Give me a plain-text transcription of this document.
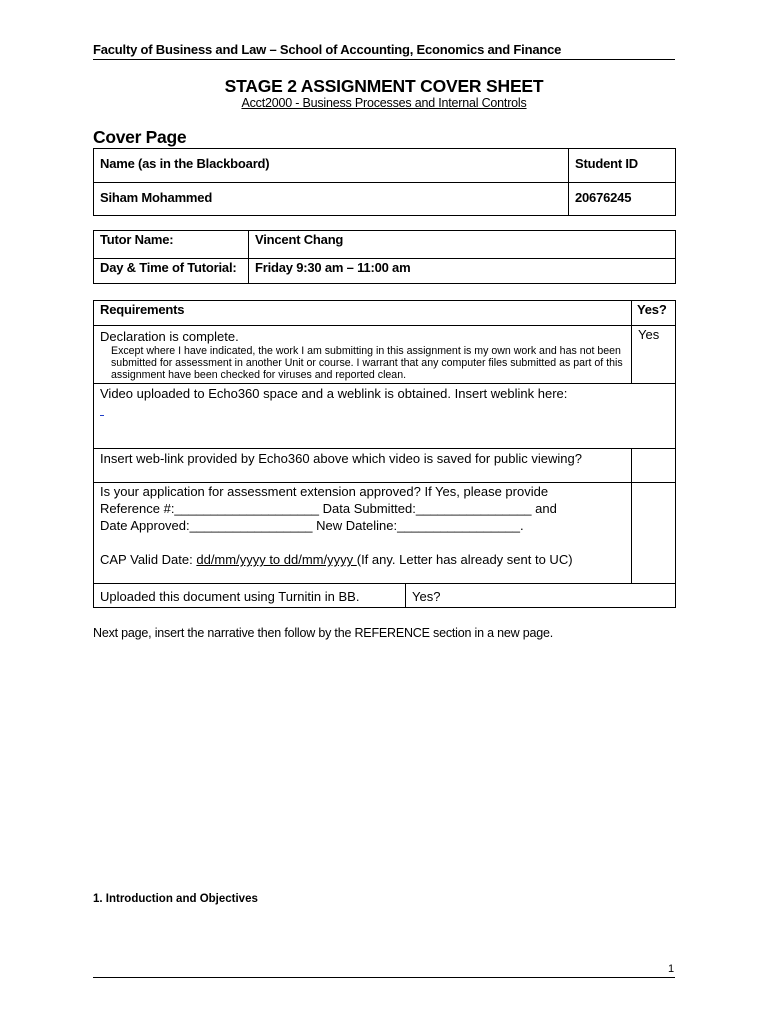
Faculty of Business and Law – School of Accounting, Economics and Finance
STAGE 2 ASSIGNMENT COVER SHEET
Acct2000 - Business Processes and Internal Controls
Cover Page
Name (as in the Blackboard)	Student ID

Siham Mohammed	20676245
Tutor Name:	Vincent Chang

Day & Time of Tutorial:	Friday 9:30 am – 11:00 am
Requirements		Yes?

Declaration is complete.
Except where I have indicated, the work I am submitting in this assignment is my own work and has not been submitted for assessment in another Unit or course. I warrant that any computer files submitted as part of this assignment have been checked for viruses and reported clean.		Yes

Video uploaded to Echo360 space and a weblink is obtained. Insert weblink here:		

Insert web-link provided by Echo360 above which video is saved for public viewing?		

Is your application for assessment extension approved? If Yes, please provide
Reference #:____________________ Data Submitted:________________ and
Date Approved:_________________ New Dateline:_________________.
CAP Valid Date: dd/mm/yyyy to dd/mm/yyyy (If any. Letter has already sent to UC)		

Uploaded this document using Turnitin in BB.	Yes?	
Next page, insert the narrative then follow by the REFERENCE section in a new page.
1. Introduction and Objectives
1
